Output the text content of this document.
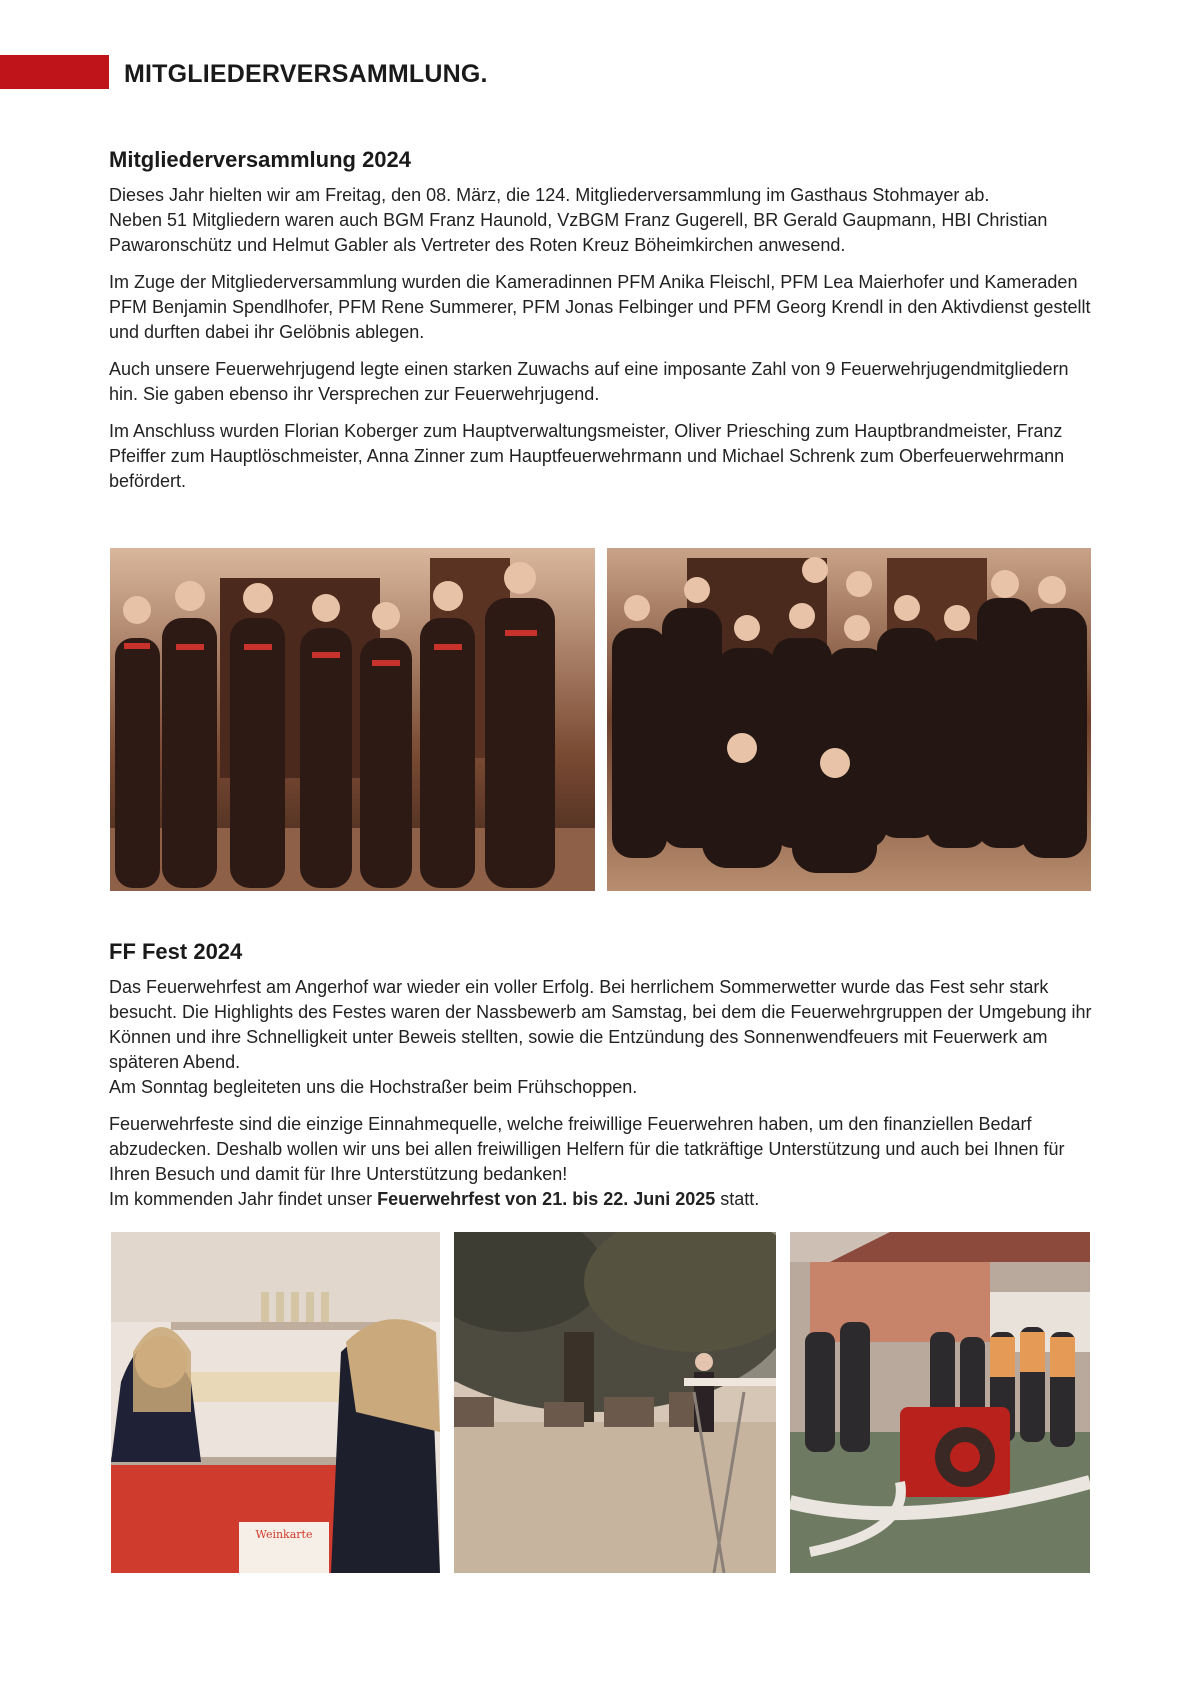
MITGLIEDERVERSAMMLUNG.
Mitgliederversammlung 2024

Dieses Jahr hielten wir am Freitag, den 08. März, die 124. Mitgliederversammlung im Gasthaus Stohmayer ab.
Neben 51 Mitgliedern waren auch BGM Franz Haunold, VzBGM Franz Gugerell, BR Gerald Gaupmann, HBI Christian Pawaronschütz und Helmut Gabler als Vertreter des Roten Kreuz Böheimkirchen anwesend.

Im Zuge der Mitgliederversammlung wurden die Kameradinnen PFM Anika Fleischl, PFM Lea Maierhofer und Kameraden PFM Benjamin Spendlhofer, PFM Rene Summerer, PFM Jonas Felbinger und PFM Georg Krendl in den Aktivdienst gestellt und durften dabei ihr Gelöbnis ablegen.

Auch unsere Feuerwehrjugend legte einen starken Zuwachs auf eine imposante Zahl von 9 Feuerwehrjugendmitgliedern hin. Sie gaben ebenso ihr Versprechen zur Feuerwehrjugend.

Im Anschluss wurden Florian Koberger zum Hauptverwaltungsmeister, Oliver Priesching zum Hauptbrandmeister, Franz Pfeiffer zum Hauptlöschmeister, Anna Zinner zum Hauptfeuerwehrmann und Michael Schrenk zum Oberfeuerwehrmann befördert.

FF Fest 2024

Das Feuerwehrfest am Angerhof war wieder ein voller Erfolg. Bei herrlichem Sommerwetter wurde das Fest sehr stark besucht. Die Highlights des Festes waren der Nassbewerb am Samstag, bei dem die Feuerwehrgruppen der Umgebung ihr Können und ihre Schnelligkeit unter Beweis stellten, sowie die Entzündung des Sonnenwendfeuers mit Feuerwerk am späteren Abend.
Am Sonntag begleiteten uns die Hochstraßer beim Frühschoppen.

Feuerwehrfeste sind die einzige Einnahmequelle, welche freiwillige Feuerwehren haben, um den finanziellen Bedarf abzudecken. Deshalb wollen wir uns bei allen freiwilligen Helfern für die tatkräftige Unterstützung und auch bei Ihnen für Ihren Besuch und damit für Ihre Unterstützung bedanken!
Im kommenden Jahr findet unser Feuerwehrfest von 21. bis 22. Juni 2025 statt.

Weinkarte
